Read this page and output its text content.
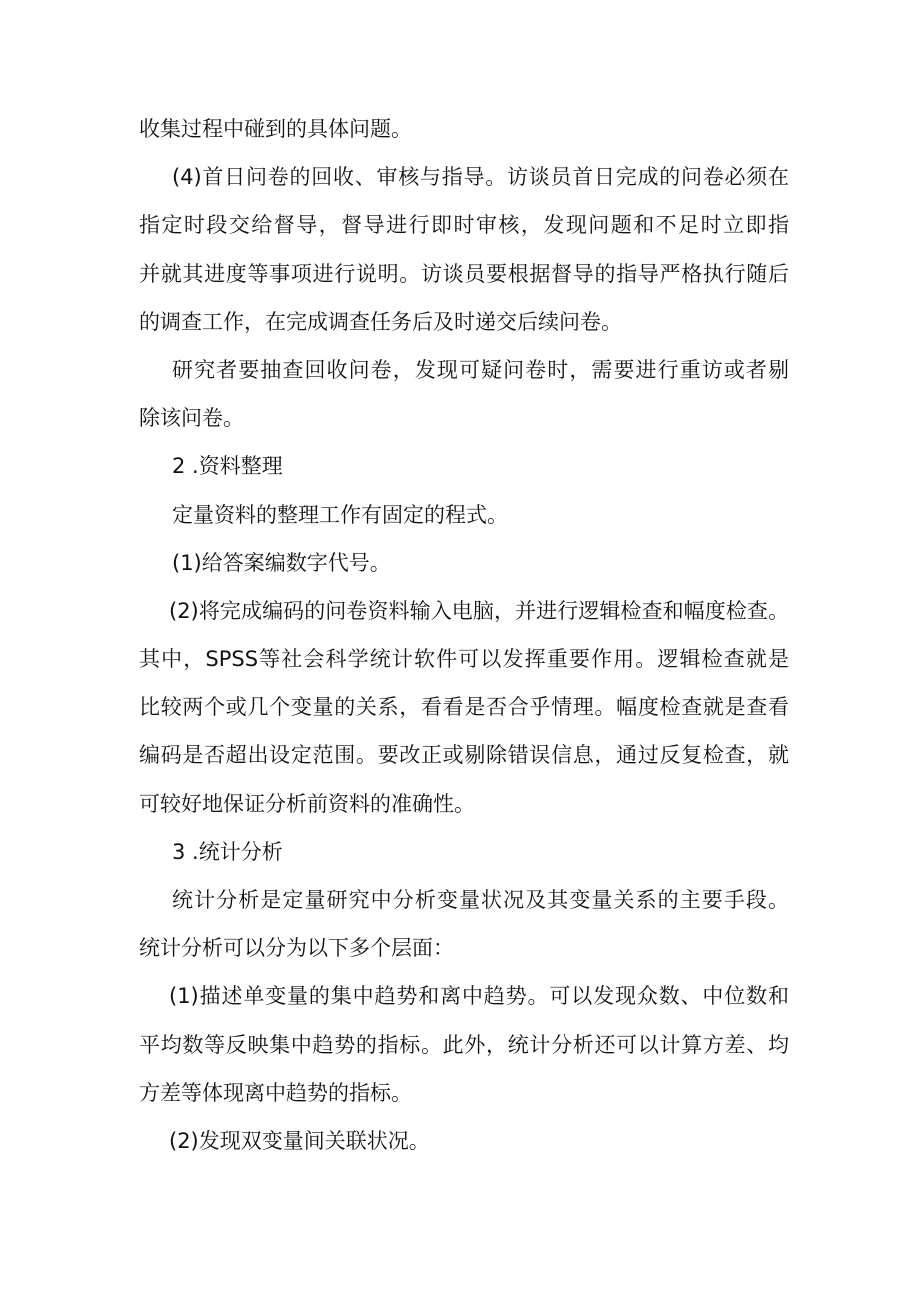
收集过程中碰到的具体问题。
(4)首日问卷的回收、审核与指导。访谈员首日完成的问卷必须在
指定时段交给督导，督导进行即时审核，发现问题和不足时立即指
并就其进度等事项进行说明。访谈员要根据督导的指导严格执行随后
的调查工作，在完成调查任务后及时递交后续问卷。
研究者要抽查回收问卷，发现可疑问卷时，需要进行重访或者剔
除该问卷。
2 .资料整理
定量资料的整理工作有固定的程式。
(1)给答案编数字代号。
(2)将完成编码的问卷资料输入电脑，并进行逻辑检查和幅度检查。
其中，SPSS等社会科学统计软件可以发挥重要作用。逻辑检查就是
比较两个或几个变量的关系，看看是否合乎情理。幅度检查就是查看
编码是否超出设定范围。要改正或剔除错误信息，通过反复检查，就
可较好地保证分析前资料的准确性。
3 .统计分析
统计分析是定量研究中分析变量状况及其变量关系的主要手段。
统计分析可以分为以下多个层面：
(1)描述单变量的集中趋势和离中趋势。可以发现众数、中位数和
平均数等反映集中趋势的指标。此外，统计分析还可以计算方差、均
方差等体现离中趋势的指标。
(2)发现双变量间关联状况。
